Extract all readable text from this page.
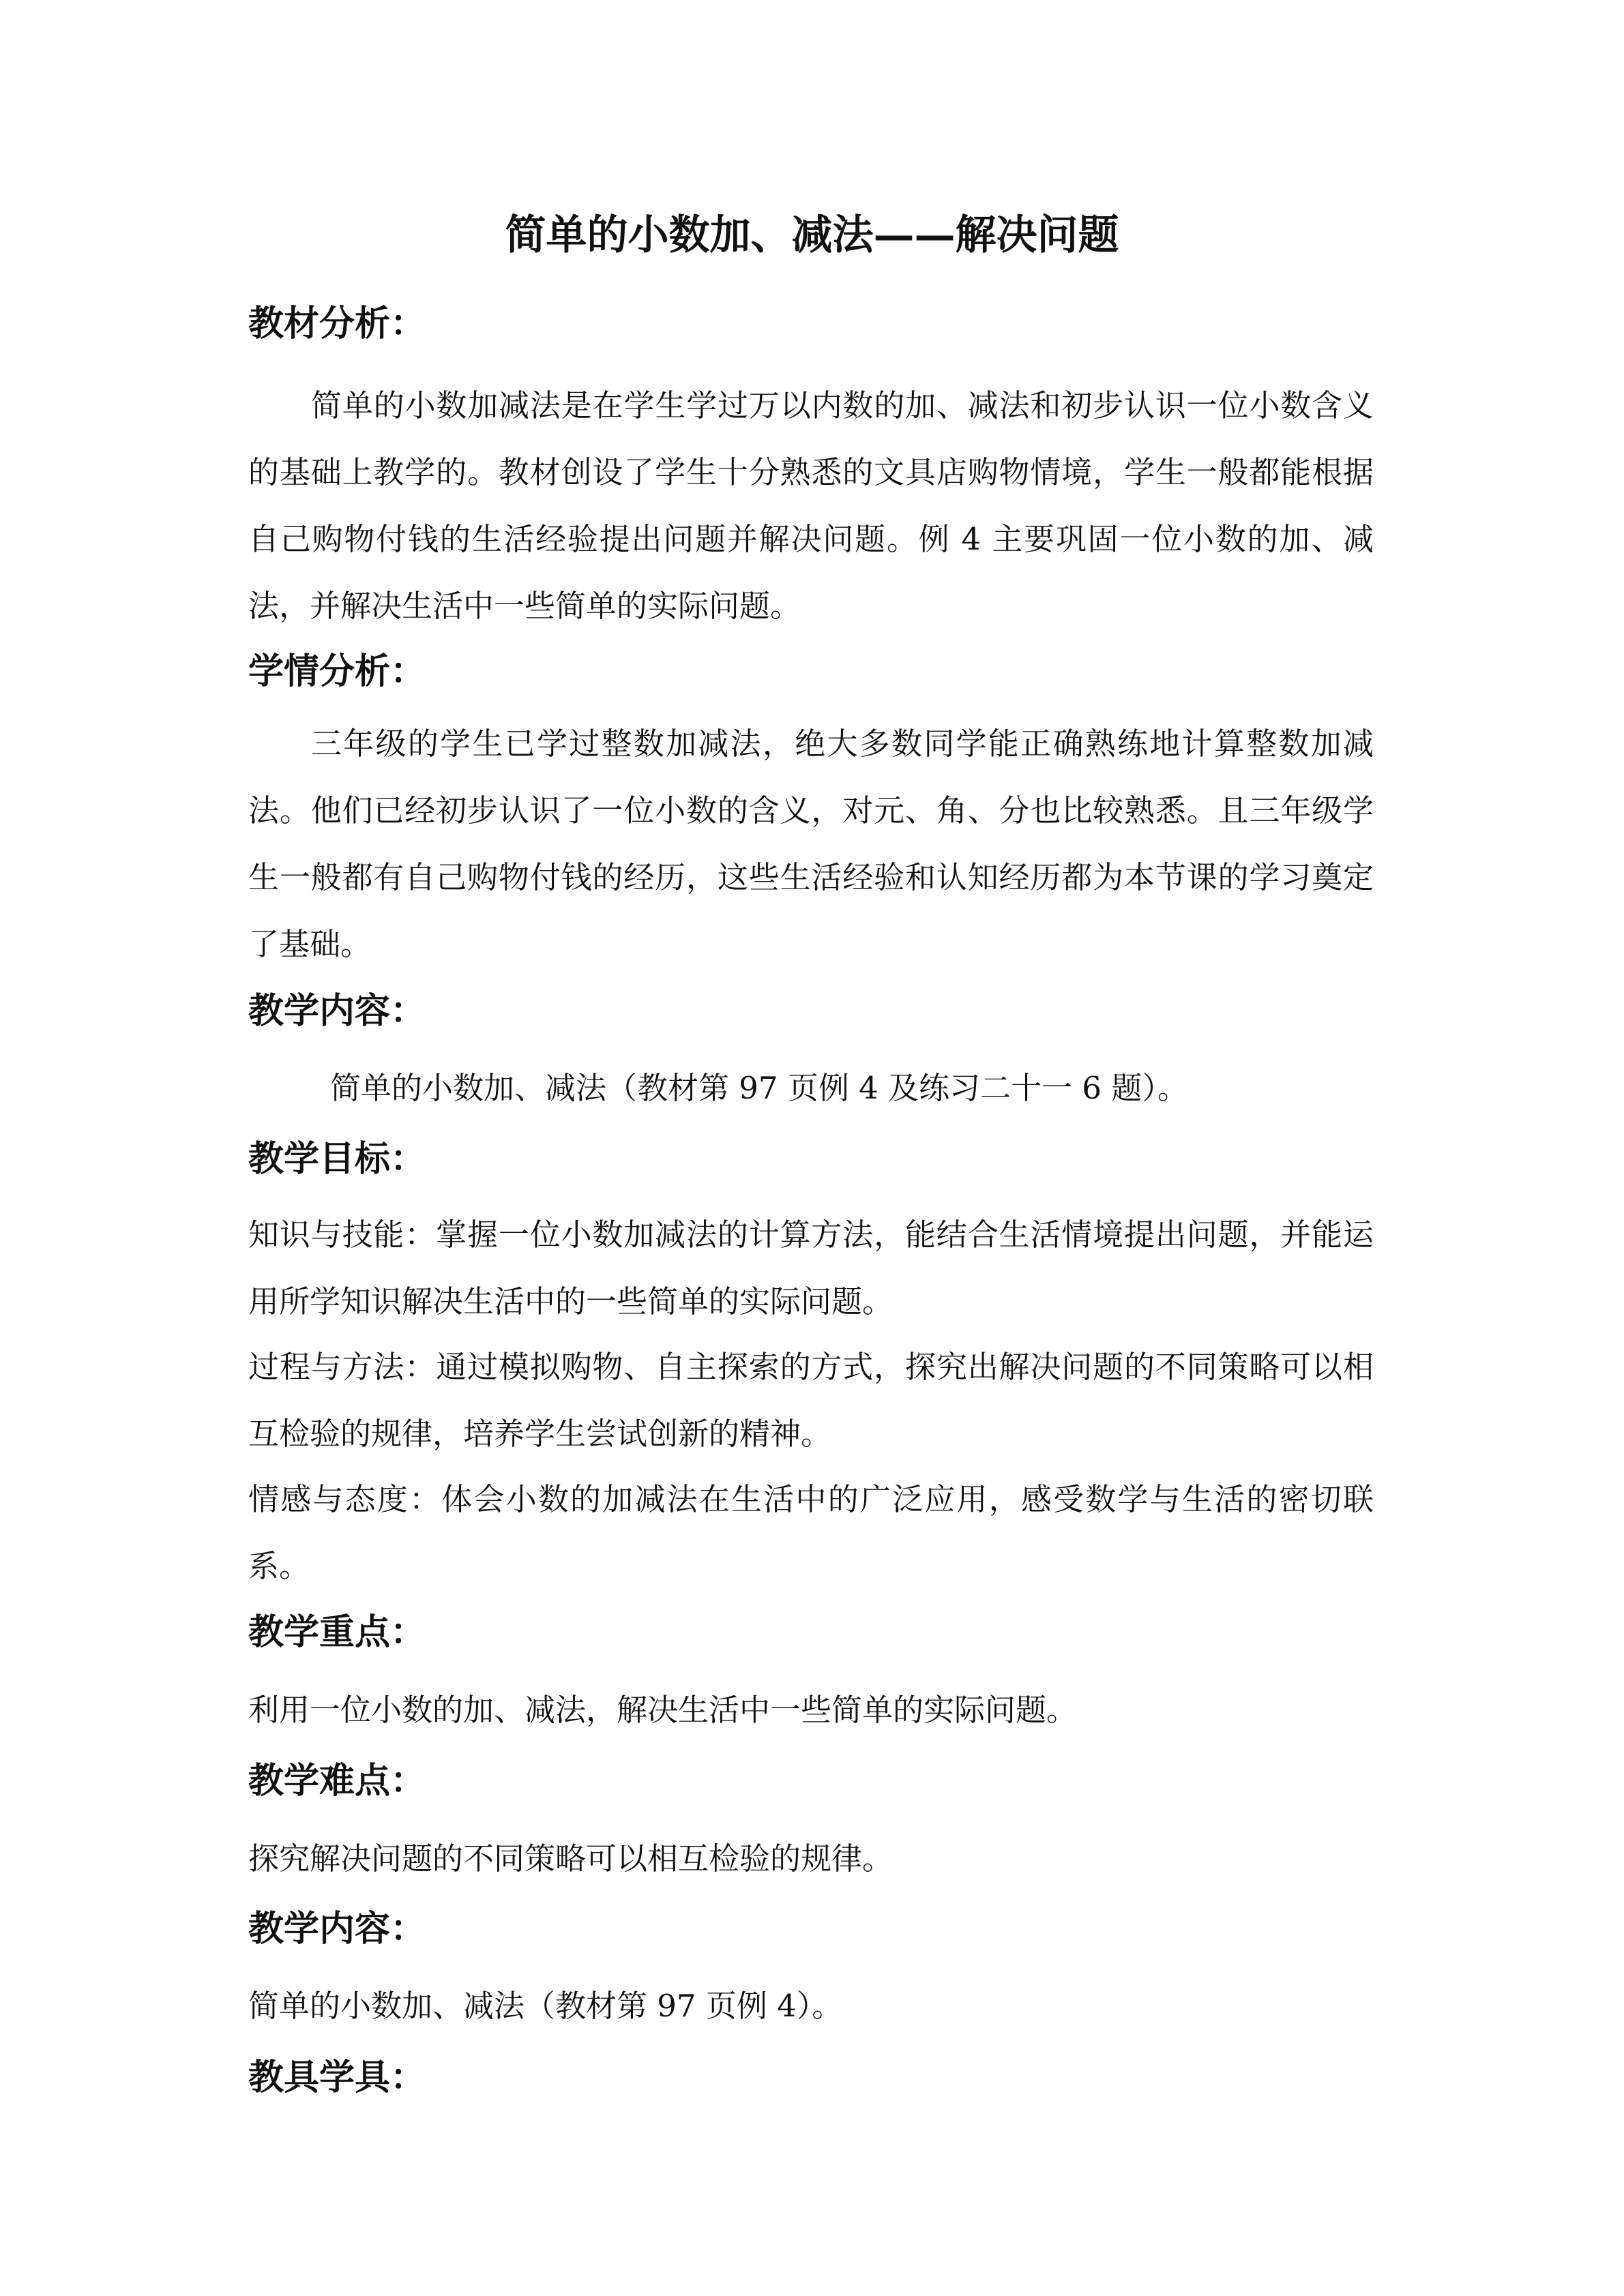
简单的小数加、减法——解决问题
教材分析：

简单的小数加减法是在学生学过万以内数的加、减法和初步认识一位小数含义的基础上教学的。教材创设了学生十分熟悉的文具店购物情境，学生一般都能根据自己购物付钱的生活经验提出问题并解决问题。例 4 主要巩固一位小数的加、减法，并解决生活中一些简单的实际问题。

学情分析：

三年级的学生已学过整数加减法，绝大多数同学能正确熟练地计算整数加减法。他们已经初步认识了一位小数的含义，对元、角、分也比较熟悉。且三年级学生一般都有自己购物付钱的经历，这些生活经验和认知经历都为本节课的学习奠定了基础。

教学内容：

简单的小数加、减法（教材第 97 页例 4 及练习二十一 6 题）。

教学目标：

知识与技能：掌握一位小数加减法的计算方法，能结合生活情境提出问题，并能运用所学知识解决生活中的一些简单的实际问题。

过程与方法：通过模拟购物、自主探索的方式，探究出解决问题的不同策略可以相互检验的规律，培养学生尝试创新的精神。

情感与态度：体会小数的加减法在生活中的广泛应用，感受数学与生活的密切联系。

教学重点：

利用一位小数的加、减法，解决生活中一些简单的实际问题。

教学难点：

探究解决问题的不同策略可以相互检验的规律。

教学内容：

简单的小数加、减法（教材第 97 页例 4）。

教具学具：
